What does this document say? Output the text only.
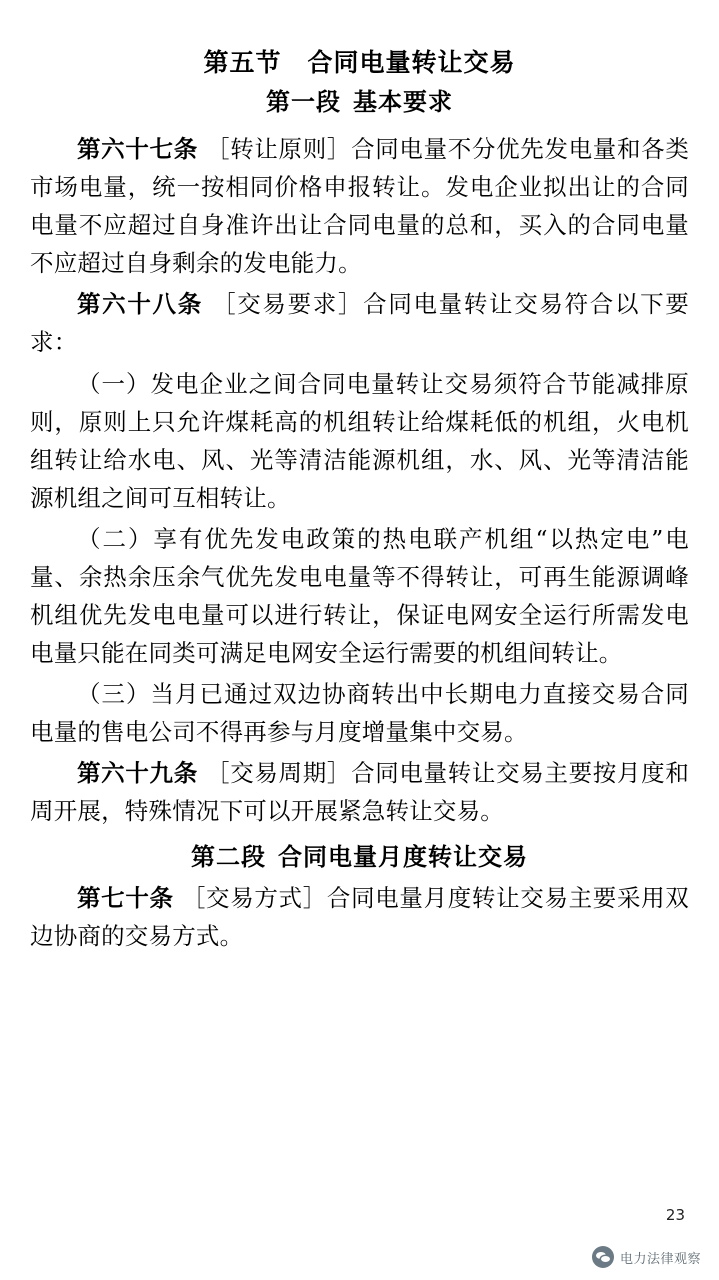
第五节 合同电量转让交易
第一段 基本要求

第六十七条 ［转让原则］合同电量不分优先发电量和各类市场电量，统一按相同价格申报转让。发电企业拟出让的合同电量不应超过自身准许出让合同电量的总和，买入的合同电量不应超过自身剩余的发电能力。

第六十八条 ［交易要求］合同电量转让交易符合以下要求：

（一）发电企业之间合同电量转让交易须符合节能减排原则，原则上只允许煤耗高的机组转让给煤耗低的机组，火电机组转让给水电、风、光等清洁能源机组，水、风、光等清洁能源机组之间可互相转让。

（二）享有优先发电政策的热电联产机组“以热定电”电量、余热余压余气优先发电电量等不得转让，可再生能源调峰机组优先发电电量可以进行转让，保证电网安全运行所需发电电量只能在同类可满足电网安全运行需要的机组间转让。

（三）当月已通过双边协商转出中长期电力直接交易合同电量的售电公司不得再参与月度增量集中交易。

第六十九条 ［交易周期］合同电量转让交易主要按月度和周开展，特殊情况下可以开展紧急转让交易。

第二段 合同电量月度转让交易

第七十条 ［交易方式］合同电量月度转让交易主要采用双边协商的交易方式。

23
电力法律观察
